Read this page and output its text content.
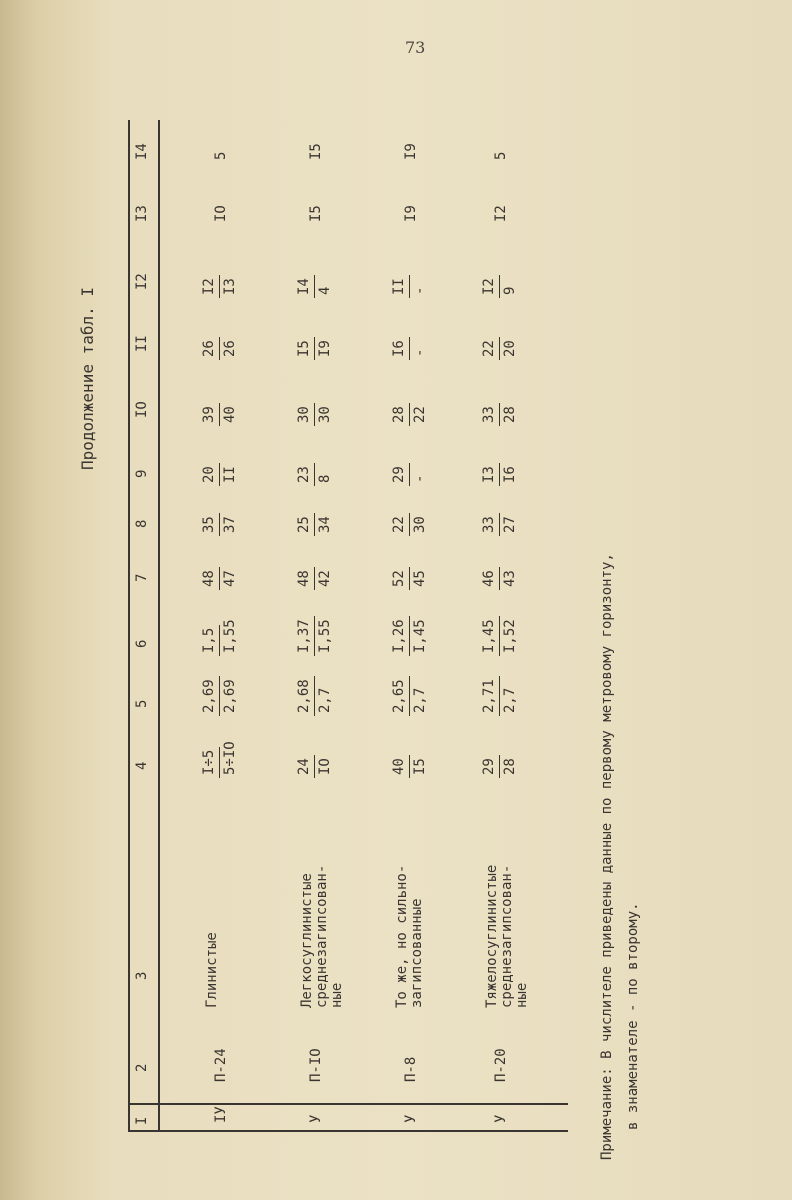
73
Продолжение табл. I
I
2
3
4
5
6
7
8
9
IO
II
I2
I3
I4
IУ
П-24
Глинистые
I÷5 5÷IO
2,69 2,69
I,5 I,55
48 47
35 37
20 II
39 40
26 26
I2 I3
IO
5
У
П-IO
Легкосуглинистые среднезагипсован- ные
24 IO
2,68 2,7
I,37 I,55
48 42
25 34
23 8
30 30
I5 I9
I4 4
I5
I5
У
П-8
То же, но сильно- загипсованные
40 I5
2,65 2,7
I,26 I,45
52 45
22 30
29 -
28 22
I6 -
II -
I9
I9
У
П-20
Тяжелосуглинистые среднезагипсован- ные
29 28
2,71 2,7
I,45 I,52
46 43
33 27
I3 I6
33 28
22 20
I2 9
I2
5
Примечание: В числителе приведены данные по первому метровому горизонту, в знаменателе - по второму.
